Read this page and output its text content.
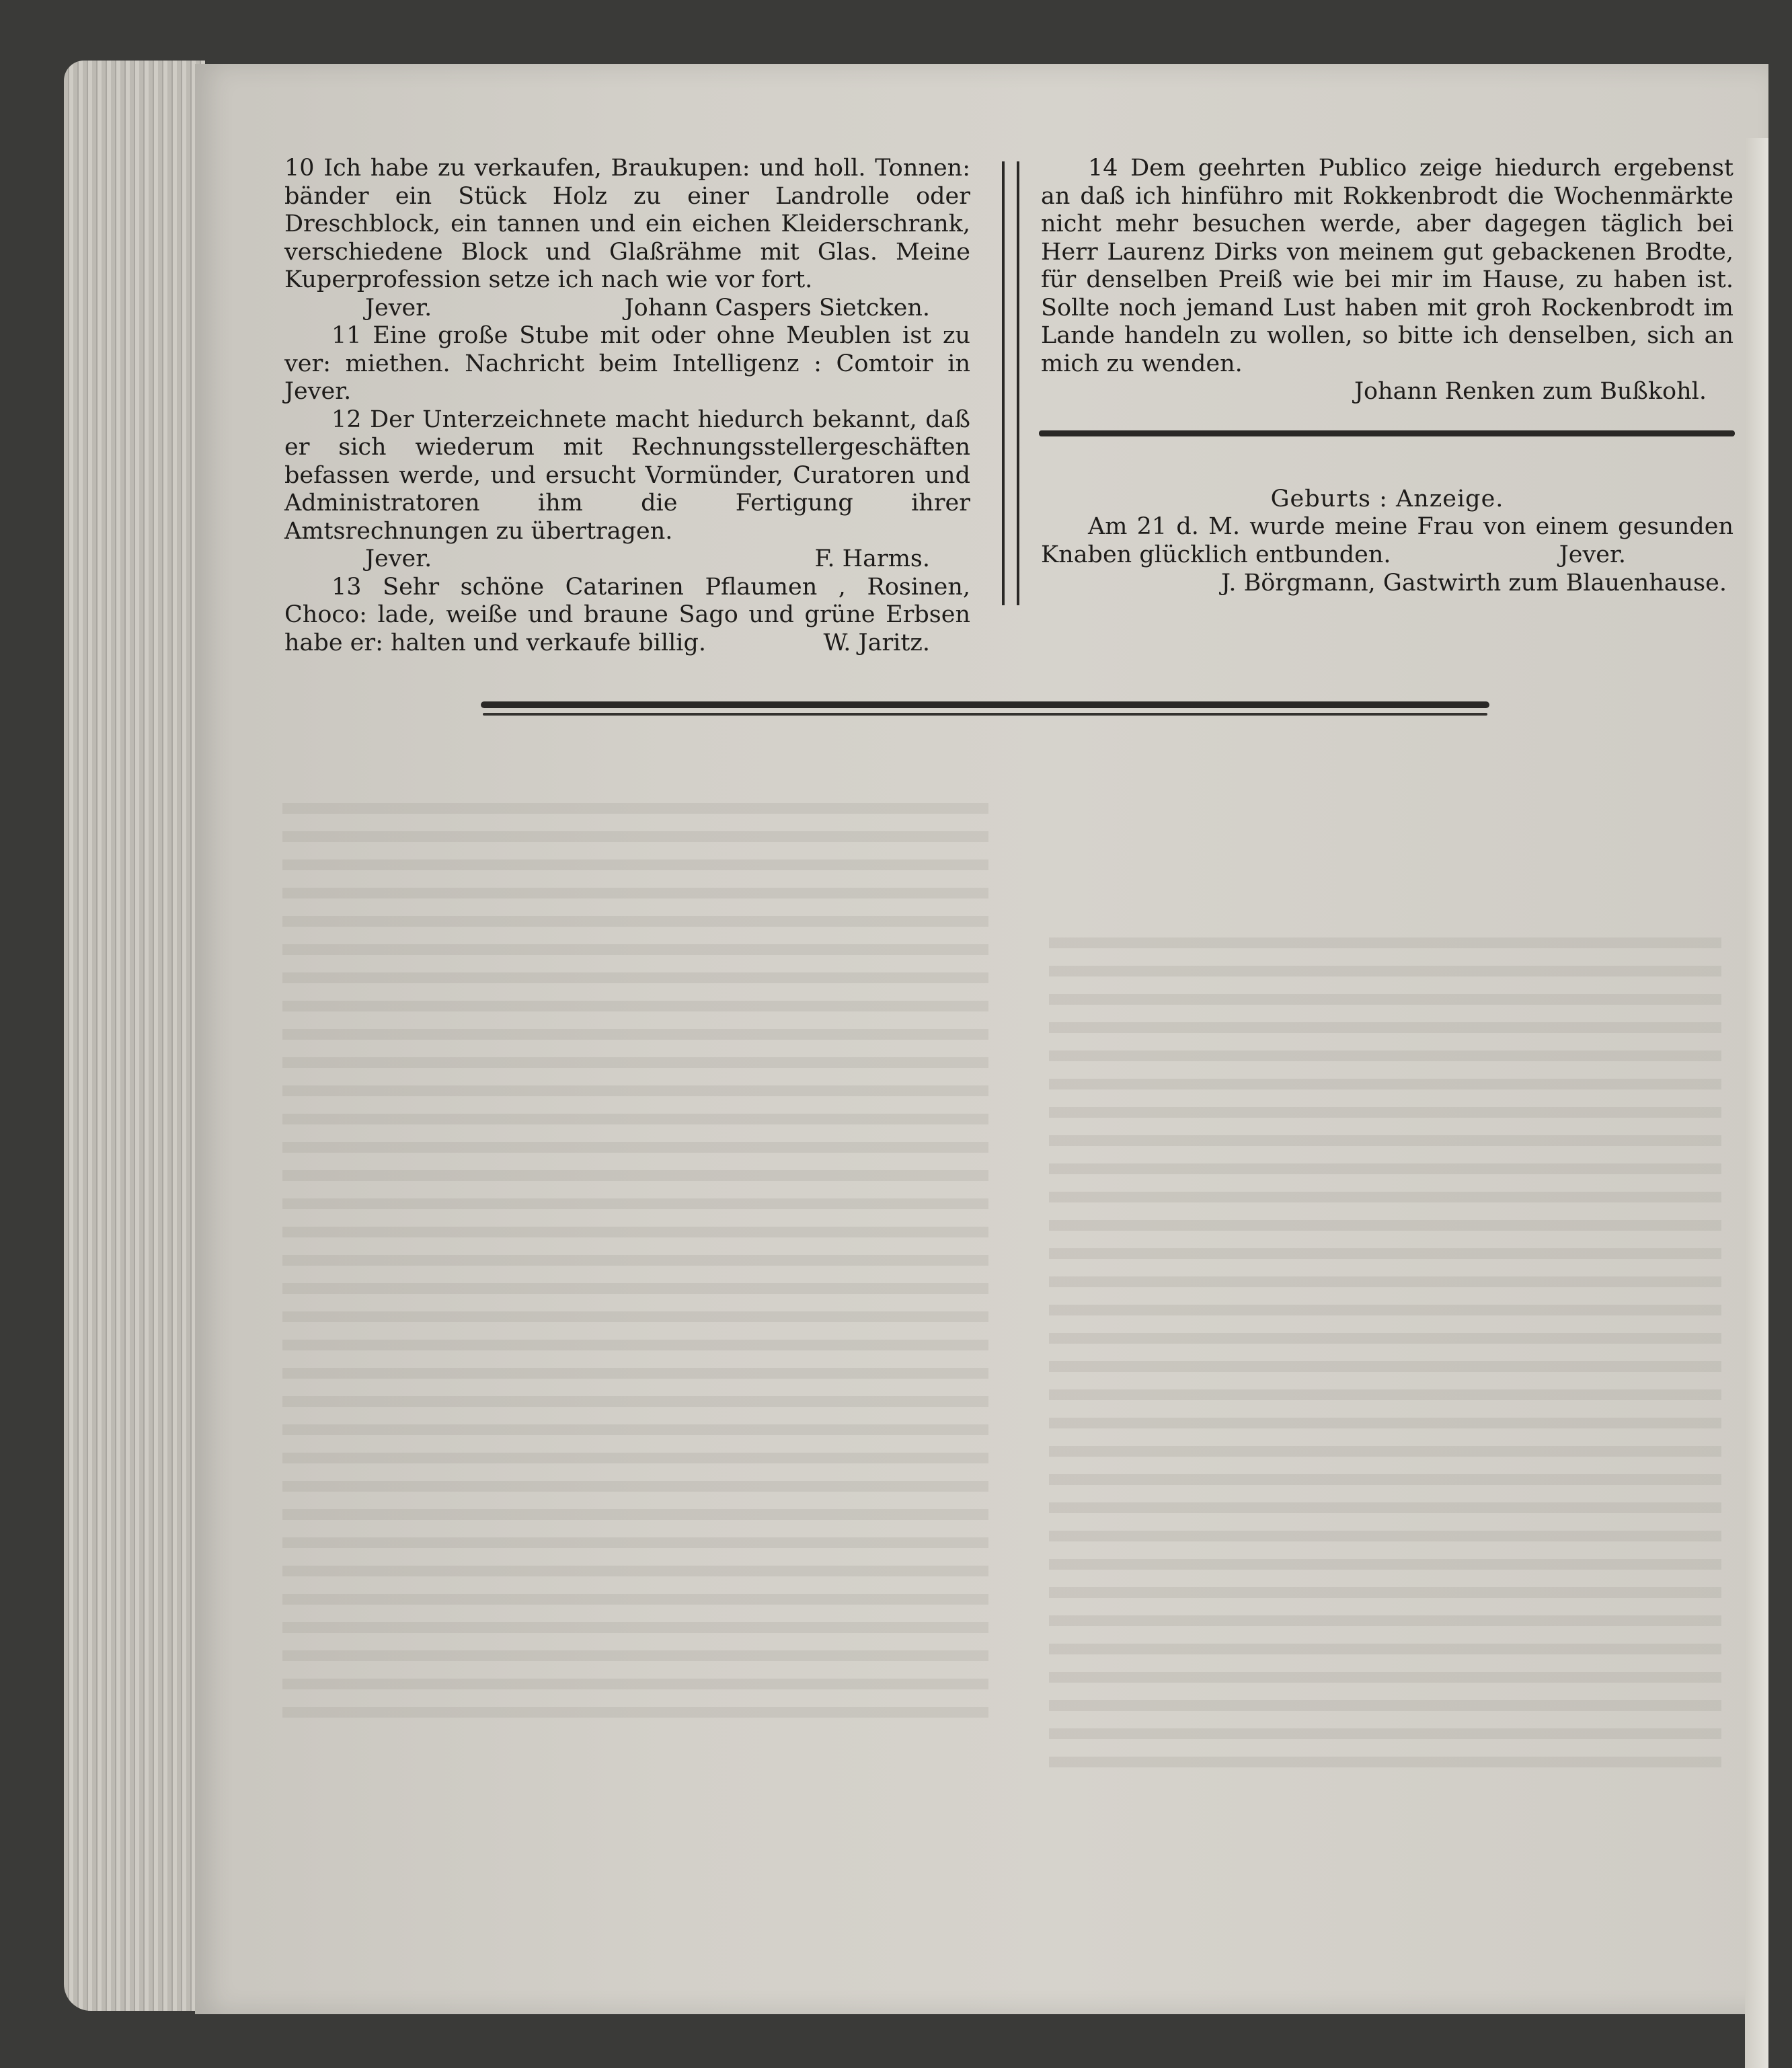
10 Ich habe zu verkaufen, Braukupen: und holl. Tonnen: bänder ein Stück Holz zu einer Landrolle oder Dreschblock, ein tannen und ein eichen Kleiderschrank, verschiedene Block und Glaßrähme mit Glas. Meine Kuperprofession setze ich nach wie vor fort.

Jever.	Johann Caspers Sietcken.

11 Eine große Stube mit oder ohne Meublen ist zu ver: miethen. Nachricht beim Intelligenz : Comtoir in Jever.

12 Der Unterzeichnete macht hiedurch bekannt, daß er sich wiederum mit Rechnungsstellergeschäften befassen werde, und ersucht Vormünder, Curatoren und Administratoren ihm die Fertigung ihrer Amtsrechnungen zu übertragen.

Jever.	F. Harms.

13 Sehr schöne Catarinen Pflaumen , Rosinen, Choco: lade, weiße und braune Sago und grüne Erbsen habe er: halten und verkaufe billig.	W. Jaritz.

14 Dem geehrten Publico zeige hiedurch ergebenst an daß ich hinführo mit Rokkenbrodt die Wochenmärkte nicht mehr besuchen werde, aber dagegen täglich bei Herr Laurenz Dirks von meinem gut gebackenen Brodte, für denselben Preiß wie bei mir im Hause, zu haben ist. Sollte noch jemand Lust haben mit groh Rockenbrodt im Lande handeln zu wollen, so bitte ich denselben, sich an mich zu wenden.

Johann Renken zum Bußkohl.

Geburts : Anzeige.

Am 21 d. M. wurde meine Frau von einem gesunden Knaben glücklich entbunden.	Jever.

J. Börgmann, Gastwirth zum Blauenhause.
